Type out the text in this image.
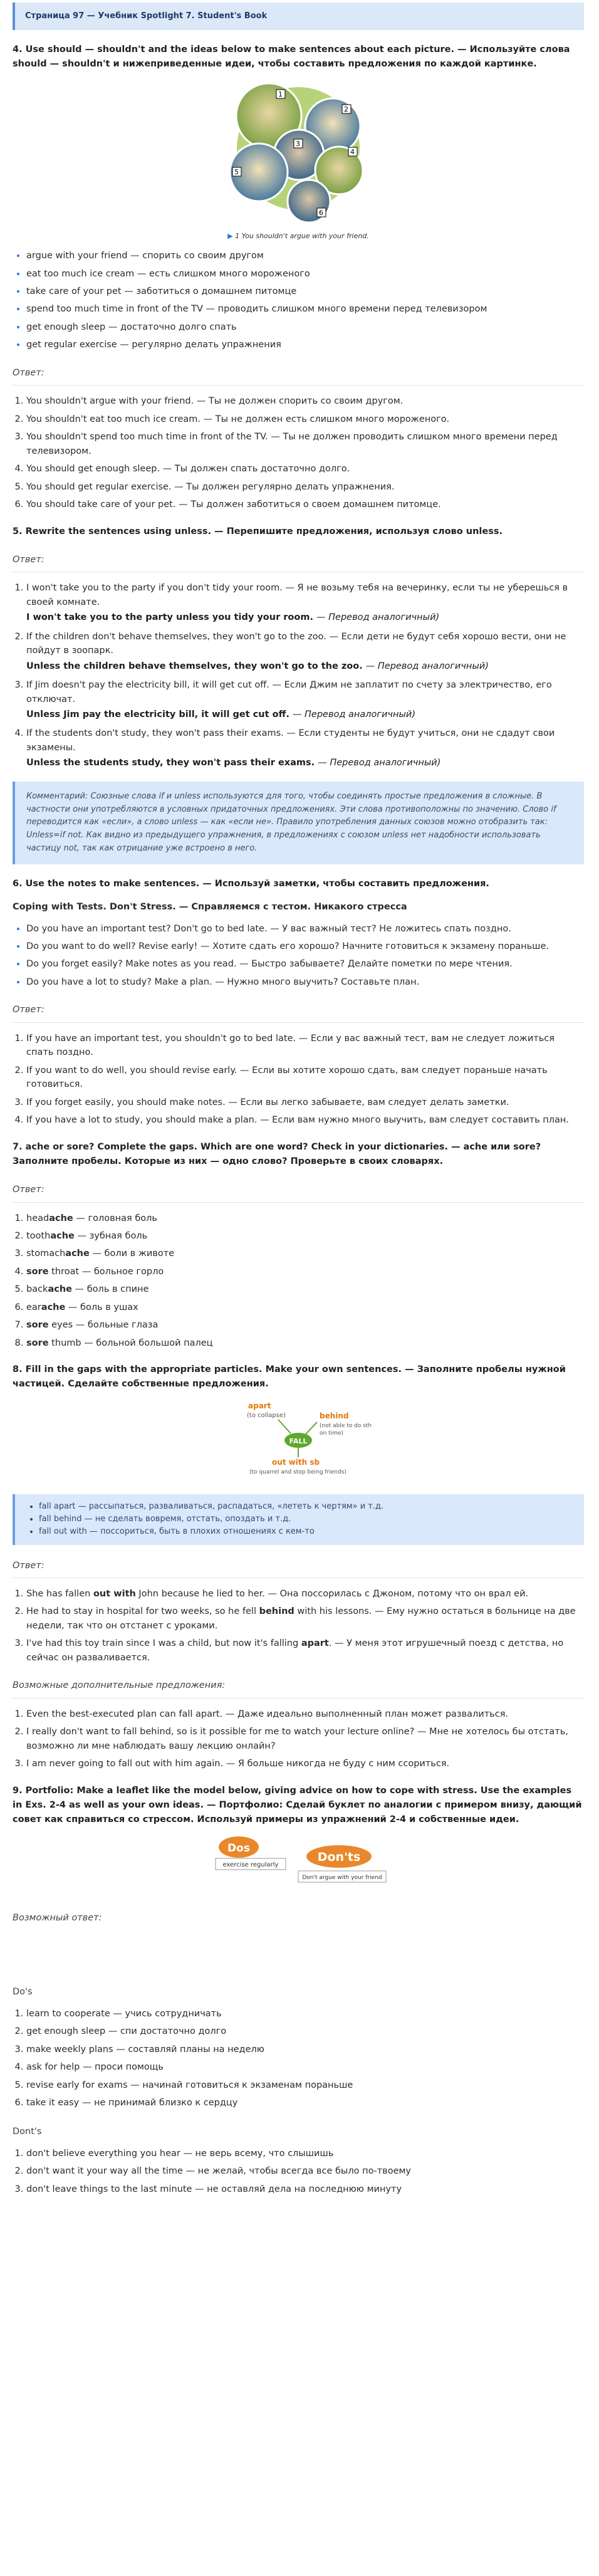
Страница 97 — Учебник Spotlight 7. Student's Book
4. Use should — shouldn't and the ideas below to make sentences about each picture. — Используйте слова should — shouldn't и нижеприведенные идеи, чтобы составить предложения по каждой картинке.
1
2
3
4
5
6
▶ 1 You shouldn't argue with your friend.
• argue with your friend — спорить со своим другом
• eat too much ice cream — есть слишком много мороженого
• take care of your pet — заботиться о домашнем питомце
• spend too much time in front of the TV — проводить слишком много времени перед телевизором
• get enough sleep — достаточно долго спать
• get regular exercise — регулярно делать упражнения
Ответ:
1. You shouldn't argue with your friend. — Ты не должен спорить со своим другом.
2. You shouldn't eat too much ice cream. — Ты не должен есть слишком много мороженого.
3. You shouldn't spend too much time in front of the TV. — Ты не должен проводить слишком много времени перед телевизором.
4. You should get enough sleep. — Ты должен спать достаточно долго.
5. You should get regular exercise. — Ты должен регулярно делать упражнения.
6. You should take care of your pet. — Ты должен заботиться о своем домашнем питомце.
5. Rewrite the sentences using unless. — Перепишите предложения, используя слово unless.
Ответ:
1. I won't take you to the party if you don't tidy your room. — Я не возьму тебя на вечеринку, если ты не уберешься в своей комнате.
I won't take you to the party unless you tidy your room. — Перевод аналогичный)
2. If the children don't behave themselves, they won't go to the zoo. — Если дети не будут себя хорошо вести, они не пойдут в зоопарк.
Unless the children behave themselves, they won't go to the zoo. — Перевод аналогичный)
3. If Jim doesn't pay the electricity bill, it will get cut off. — Если Джим не заплатит по счету за электричество, его отключат.
Unless Jim pay the electricity bill, it will get cut off. — Перевод аналогичный)
4. If the students don't study, they won't pass their exams. — Если студенты не будут учиться, они не сдадут свои экзамены.
Unless the students study, they won't pass their exams. — Перевод аналогичный)
Комментарий: Союзные слова if и unless используются для того, чтобы соединять простые предложения в сложные. В частности они употребляются в условных придаточных предложениях. Эти слова противоположны по значению. Слово if переводится как «если», а слово unless — как «если не». Правило употребления данных союзов можно отобразить так: Unless=if not. Как видно из предыдущего упражнения, в предложениях с союзом unless нет надобности использовать частицу not, так как отрицание уже встроено в него.
6. Use the notes to make sentences. — Используй заметки, чтобы составить предложения.
Coping with Tests. Don't Stress. — Справляемся с тестом. Никакого стресса
• Do you have an important test? Don't go to bed late. — У вас важный тест? Не ложитесь спать поздно.
• Do you want to do well? Revise early! — Хотите сдать его хорошо? Начните готовиться к экзамену пораньше.
• Do you forget easily? Make notes as you read. — Быстро забываете? Делайте пометки по мере чтения.
• Do you have a lot to study? Make a plan. — Нужно много выучить? Составьте план.
Ответ:
1. If you have an important test, you shouldn't go to bed late. — Если у вас важный тест, вам не следует ложиться спать поздно.
2. If you want to do well, you should revise early. — Если вы хотите хорошо сдать, вам следует пораньше начать готовиться.
3. If you forget easily, you should make notes. — Если вы легко забываете, вам следует делать заметки.
4. If you have a lot to study, you should make a plan. — Если вам нужно много выучить, вам следует составить план.
7. ache or sore? Complete the gaps. Which are one word? Check in your dictionaries. — ache или sore? Заполните пробелы. Которые из них — одно слово? Проверьте в своих словарях.
Ответ:
1. headache — головная боль
2. toothache — зубная боль
3. stomachache — боли в животе
4. sore throat — больное горло
5. backache — боль в спине
6. earache — боль в ушах
7. sore eyes — больные глаза
8. sore thumb — больной большой палец
8. Fill in the gaps with the appropriate particles. Make your own sentences. — Заполните пробелы нужной частицей. Сделайте собственные предложения.
apart
(to collapse)	behind
(not able to do sth
on time)
FALL
out with sb
(to quarrel and stop being friends)
• fall apart — рассыпаться, разваливаться, распадаться, «лететь к чертям» и т.д.
• fall behind — не сделать вовремя, отстать, опоздать и т.д.
• fall out with — поссориться, быть в плохих отношениях с кем-то
Ответ:
1. She has fallen out with John because he lied to her. — Она поссорилась с Джоном, потому что он врал ей.
2. He had to stay in hospital for two weeks, so he fell behind with his lessons. — Ему нужно остаться в больнице на две недели, так что он отстанет с уроками.
3. I've had this toy train since I was a child, but now it's falling apart. — У меня этот игрушечный поезд с детства, но сейчас он разваливается.
Возможные дополнительные предложения:
1. Even the best-executed plan can fall apart. — Даже идеально выполненный план может развалиться.
2. I really don't want to fall behind, so is it possible for me to watch your lecture online? — Мне не хотелось бы отстать, возможно ли мне наблюдать вашу лекцию онлайн?
3. I am never going to fall out with him again. — Я больше никогда не буду с ним ссориться.
9. Portfolio: Make a leaflet like the model below, giving advice on how to cope with stress. Use the examples in Exs. 2-4 as well as your own ideas. — Портфолио: Сделай буклет по аналогии с примером внизу, дающий совет как справиться со стрессом. Используй примеры из упражнений 2-4 и собственные идеи.
Dos
exercise regularly
Don'ts
Don't argue with your friend
Возможный ответ:
Do's
1. learn to cooperate — учись сотрудничать
2. get enough sleep — спи достаточно долго
3. make weekly plans — составляй планы на неделю
4. ask for help — проси помощь
5. revise early for exams — начинай готовиться к экзаменам пораньше
6. take it easy — не принимай близко к сердцу
Dont's
1. don't believe everything you hear — не верь всему, что слышишь
2. don't want it your way all the time — не желай, чтобы всегда все было по-твоему
3. don't leave things to the last minute — не оставляй дела на последнюю минуту
